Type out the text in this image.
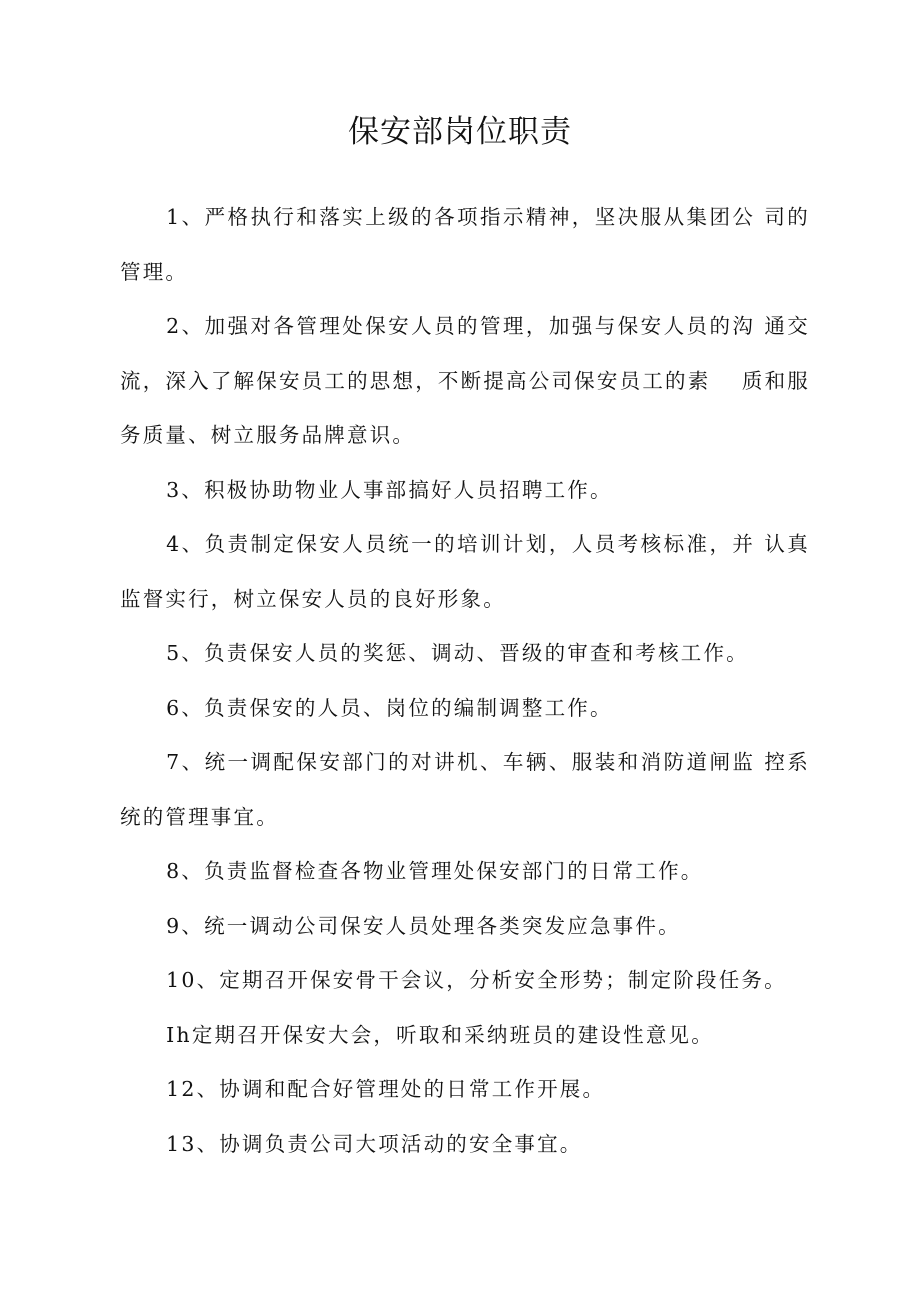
保安部岗位职责

1、严格执行和落实上级的各项指示精神，坚决服从集团公 司的管理。

2、加强对各管理处保安人员的管理，加强与保安人员的沟 通交流，深入了解保安员工的思想，不断提高公司保安员工的素　 质和服务质量、树立服务品牌意识。

3、积极协助物业人事部搞好人员招聘工作。

4、负责制定保安人员统一的培训计划，人员考核标准，并 认真监督实行，树立保安人员的良好形象。

5、负责保安人员的奖惩、调动、晋级的审查和考核工作。

6、负责保安的人员、岗位的编制调整工作。

7、统一调配保安部门的对讲机、车辆、服装和消防道闸监 控系统的管理事宜。

8、负责监督检查各物业管理处保安部门的日常工作。

9、统一调动公司保安人员处理各类突发应急事件。

10、定期召开保安骨干会议，分析安全形势；制定阶段任务。

Ih定期召开保安大会，听取和采纳班员的建设性意见。

12、协调和配合好管理处的日常工作开展。

13、协调负责公司大项活动的安全事宜。
